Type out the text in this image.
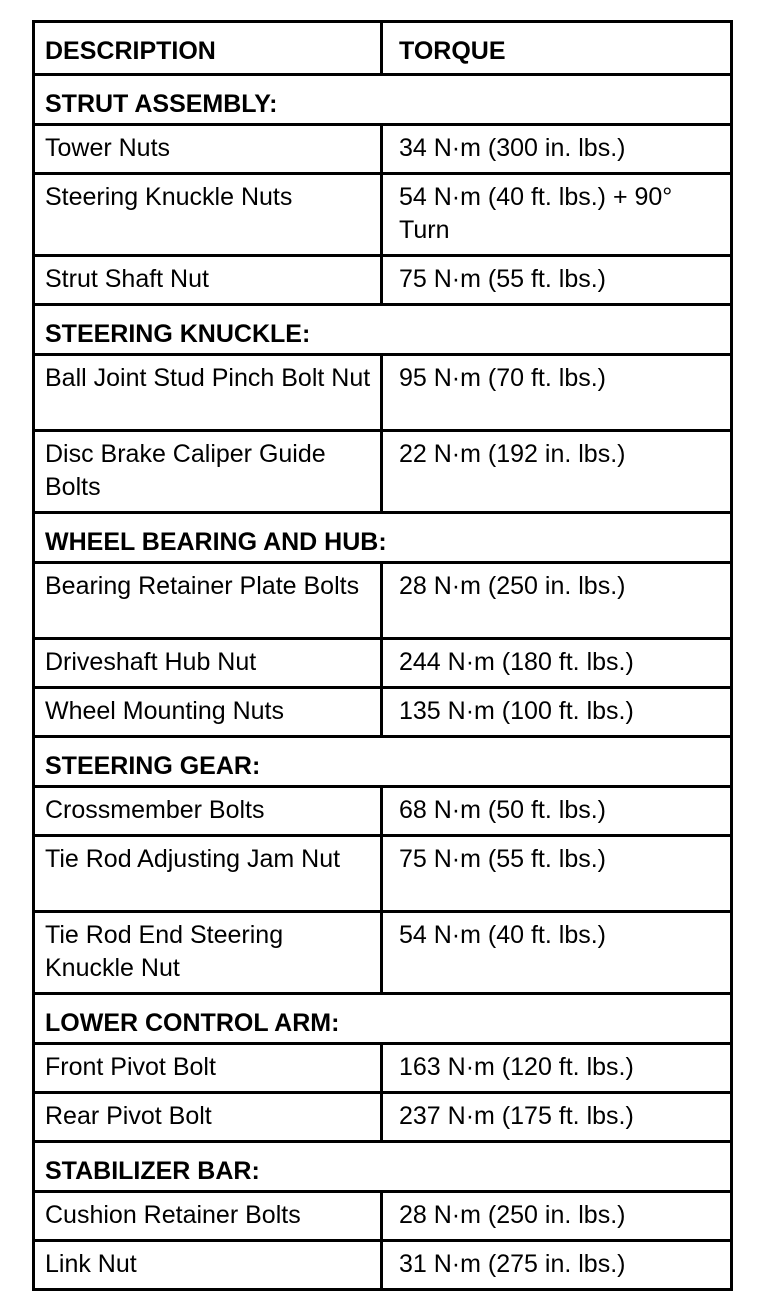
DESCRIPTION	TORQUE
STRUT ASSEMBLY:	
Tower Nuts	34 N·m (300 in. lbs.)
Steering Knuckle Nuts	54 N·m (40 ft. lbs.) + 90° Turn
Strut Shaft Nut	75 N·m (55 ft. lbs.)
STEERING KNUCKLE:	
Ball Joint Stud Pinch Bolt Nut	95 N·m (70 ft. lbs.)
Disc Brake Caliper Guide Bolts	22 N·m (192 in. lbs.)
WHEEL BEARING AND HUB:	
Bearing Retainer Plate Bolts	28 N·m (250 in. lbs.)
Driveshaft Hub Nut	244 N·m (180 ft. lbs.)
Wheel Mounting Nuts	135 N·m (100 ft. lbs.)
STEERING GEAR:	
Crossmember Bolts	68 N·m (50 ft. lbs.)
Tie Rod Adjusting Jam Nut	75 N·m (55 ft. lbs.)
Tie Rod End Steering Knuckle Nut	54 N·m (40 ft. lbs.)
LOWER CONTROL ARM:	
Front Pivot Bolt	163 N·m (120 ft. lbs.)
Rear Pivot Bolt	237 N·m (175 ft. lbs.)
STABILIZER BAR:	
Cushion Retainer Bolts	28 N·m (250 in. lbs.)
Link Nut	31 N·m (275 in. lbs.)
